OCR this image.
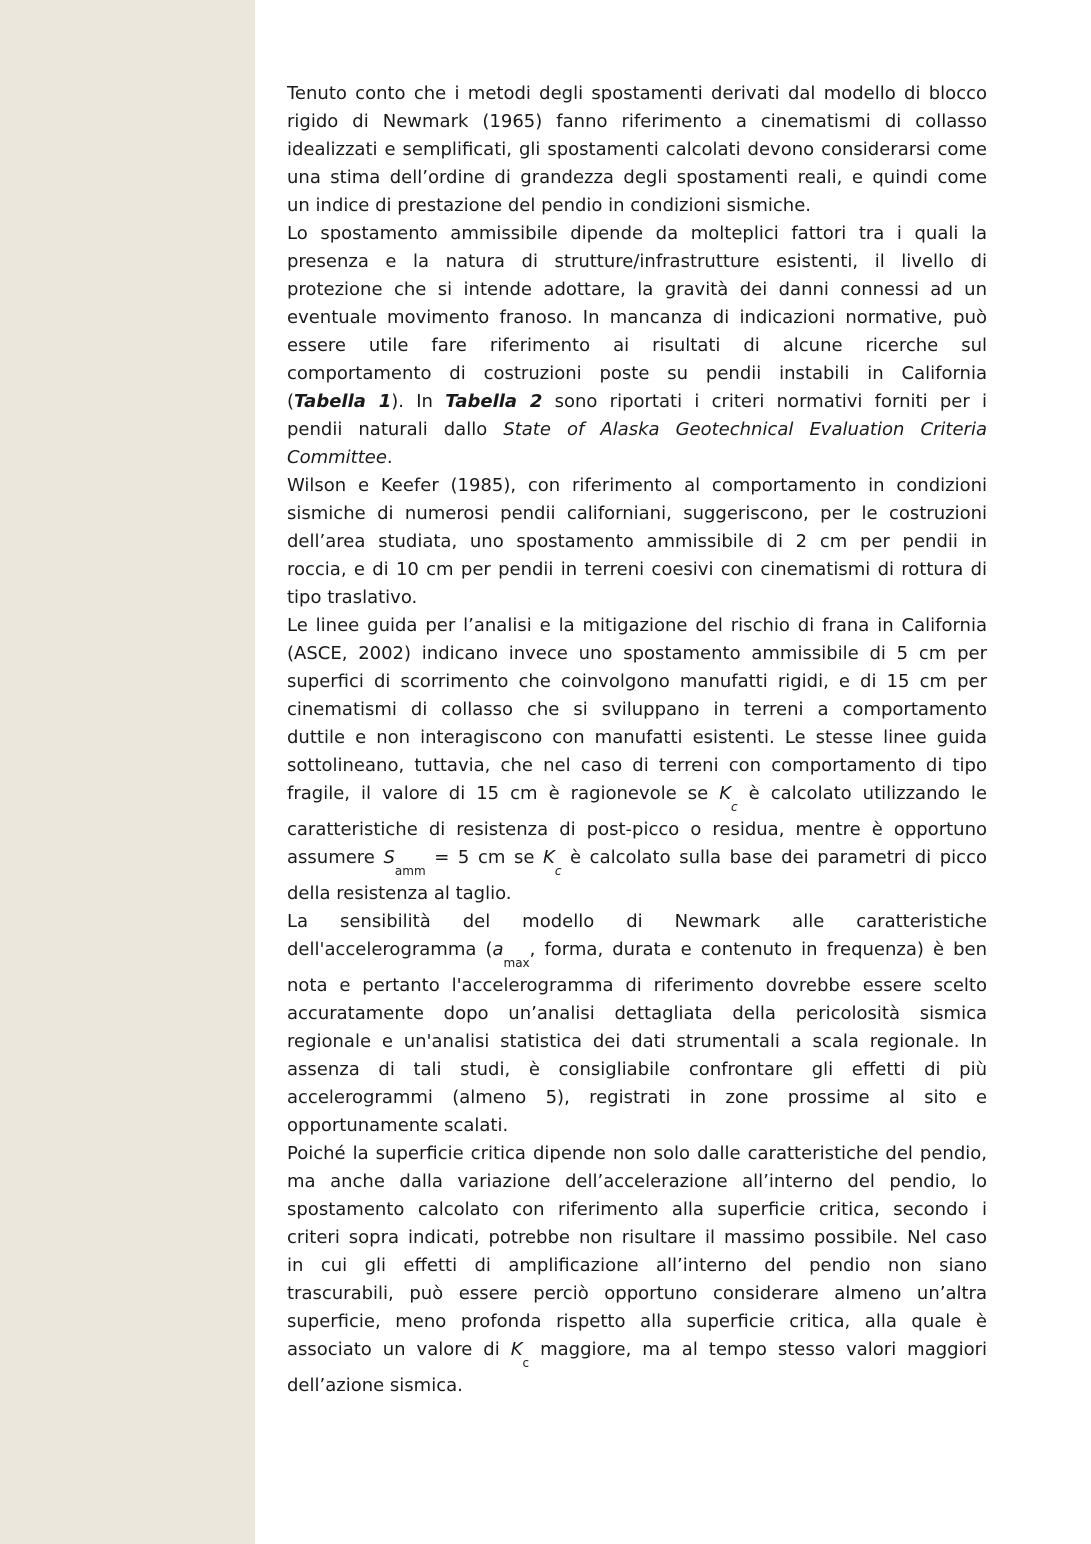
Tenuto conto che i metodi degli spostamenti derivati dal modello di blocco
rigido di Newmark (1965) fanno riferimento a cinematismi di collasso
idealizzati e semplificati, gli spostamenti calcolati devono considerarsi come
una stima dell’ordine di grandezza degli spostamenti reali, e quindi come
un indice di prestazione del pendio in condizioni sismiche.
Lo spostamento ammissibile dipende da molteplici fattori tra i quali la
presenza e la natura di strutture/infrastrutture esistenti, il livello di
protezione che si intende adottare, la gravità dei danni connessi ad un
eventuale movimento franoso. In mancanza di indicazioni normative, può
essere utile fare riferimento ai risultati di alcune ricerche sul
comportamento di costruzioni poste su pendii instabili in California
(Tabella 1). In Tabella 2 sono riportati i criteri normativi forniti per i
pendii naturali dallo State of Alaska Geotechnical Evaluation Criteria
Committee.
Wilson e Keefer (1985), con riferimento al comportamento in condizioni
sismiche di numerosi pendii californiani, suggeriscono, per le costruzioni
dell’area studiata, uno spostamento ammissibile di 2 cm per pendii in
roccia, e di 10 cm per pendii in terreni coesivi con cinematismi di rottura di
tipo traslativo.
Le linee guida per l’analisi e la mitigazione del rischio di frana in California
(ASCE, 2002) indicano invece uno spostamento ammissibile di 5 cm per
superfici di scorrimento che coinvolgono manufatti rigidi, e di 15 cm per
cinematismi di collasso che si sviluppano in terreni a comportamento
duttile e non interagiscono con manufatti esistenti. Le stesse linee guida
sottolineano, tuttavia, che nel caso di terreni con comportamento di tipo
fragile, il valore di 15 cm è ragionevole se $K_c$ è calcolato utilizzando le
caratteristiche di resistenza di post-picco o residua, mentre è opportuno
assumere $S_{amm} = 5$ cm se $K_c$ è calcolato sulla base dei parametri di picco
della resistenza al taglio.
La sensibilità del modello di Newmark alle caratteristiche
dell'accelerogramma ($a_{max}$, forma, durata e contenuto in frequenza) è ben
nota e pertanto l'accelerogramma di riferimento dovrebbe essere scelto
accuratamente dopo un’analisi dettagliata della pericolosità sismica
regionale e un'analisi statistica dei dati strumentali a scala regionale. In
assenza di tali studi, è consigliabile confrontare gli effetti di più
accelerogrammi (almeno 5), registrati in zone prossime al sito e
opportunamente scalati.
Poiché la superficie critica dipende non solo dalle caratteristiche del pendio,
ma anche dalla variazione dell’accelerazione all’interno del pendio, lo
spostamento calcolato con riferimento alla superficie critica, secondo i
criteri sopra indicati, potrebbe non risultare il massimo possibile. Nel caso
in cui gli effetti di amplificazione all’interno del pendio non siano
trascurabili, può essere perciò opportuno considerare almeno un’altra
superficie, meno profonda rispetto alla superficie critica, alla quale è
associato un valore di $K_c$ maggiore, ma al tempo stesso valori maggiori
dell’azione sismica.
